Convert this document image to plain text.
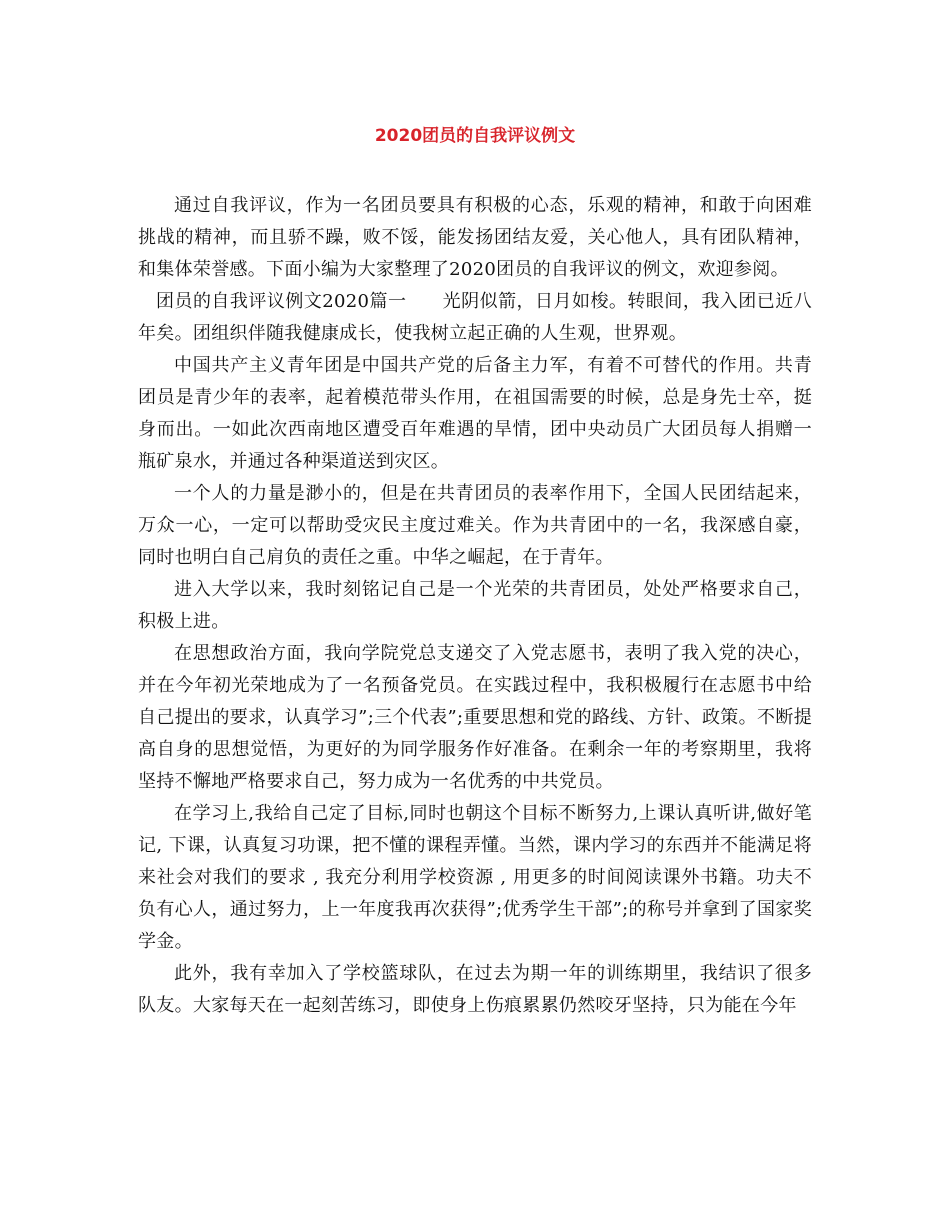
2020团员的自我评议例文

通过自我评议，作为一名团员要具有积极的心态，乐观的精神，和敢于向困难挑战的精神，而且骄不躁，败不馁，能发扬团结友爱，关心他人，具有团队精神，和集体荣誉感。下面小编为大家整理了2020团员的自我评议的例文，欢迎参阅。

团员的自我评议例文2020篇一 光阴似箭，日月如梭。转眼间，我入团已近八年矣。团组织伴随我健康成长，使我树立起正确的人生观，世界观。

中国共产主义青年团是中国共产党的后备主力军，有着不可替代的作用。共青团员是青少年的表率，起着模范带头作用，在祖国需要的时候，总是身先士卒，挺身而出。一如此次西南地区遭受百年难遇的旱情，团中央动员广大团员每人捐赠一瓶矿泉水，并通过各种渠道送到灾区。

一个人的力量是渺小的，但是在共青团员的表率作用下，全国人民团结起来，万众一心，一定可以帮助受灾民主度过难关。作为共青团中的一名，我深感自豪，同时也明白自己肩负的责任之重。中华之崛起，在于青年。

进入大学以来，我时刻铭记自己是一个光荣的共青团员，处处严格要求自己，积极上进。

在思想政治方面，我向学院党总支递交了入党志愿书，表明了我入党的决心，并在今年初光荣地成为了一名预备党员。在实践过程中，我积极履行在志愿书中给自己提出的要求，认真学习”;三个代表”;重要思想和党的路线、方针、政策。不断提高自身的思想觉悟，为更好的为同学服务作好准备。在剩余一年的考察期里，我将坚持不懈地严格要求自己，努力成为一名优秀的中共党员。

在学习上,我给自己定了目标,同时也朝这个目标不断努力,上课认真听讲,做好笔记, 下课，认真复习功课，把不懂的课程弄懂。当然，课内学习的东西并不能满足将来社会对我们的要求 , 我充分利用学校资源 , 用更多的时间阅读课外书籍。功夫不负有心人，通过努力，上一年度我再次获得”;优秀学生干部”;的称号并拿到了国家奖学金。

此外，我有幸加入了学校篮球队，在过去为期一年的训练期里，我结识了很多队友。大家每天在一起刻苦练习，即使身上伤痕累累仍然咬牙坚持，只为能在今年
